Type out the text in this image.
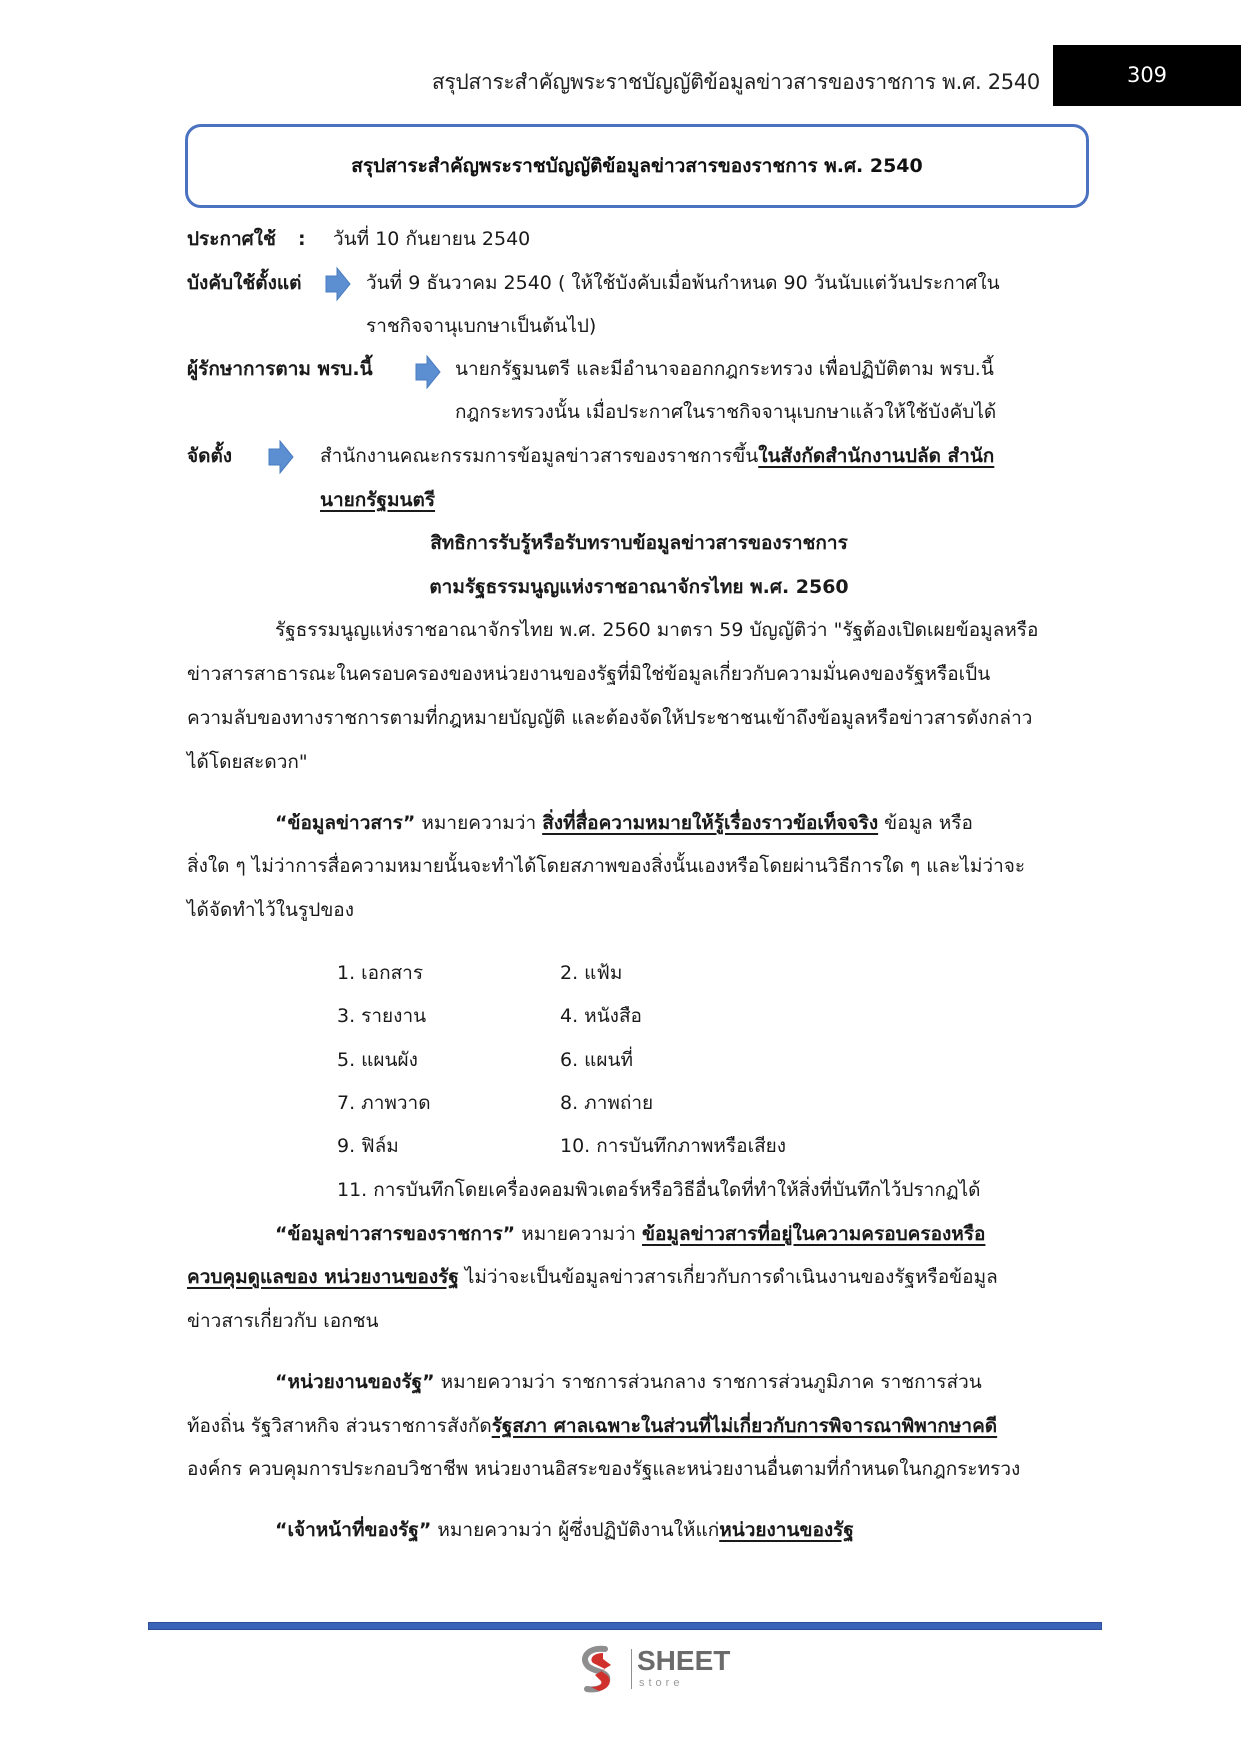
สรุปสาระสำคัญพระราชบัญญัติข้อมูลข่าวสารของราชการ พ.ศ. 2540	309
สรุปสาระสำคัญพระราชบัญญัติข้อมูลข่าวสารของราชการ พ.ศ. 2540
ประกาศใช้ : วันที่ 10 กันยายน 2540
บังคับใช้ตั้งแต่	วันที่ 9 ธันวาคม 2540 ( ให้ใช้บังคับเมื่อพ้นกำหนด 90 วันนับแต่วันประกาศใน
ราชกิจจานุเบกษาเป็นต้นไป)
ผู้รักษาการตาม พรบ.นี้	นายกรัฐมนตรี และมีอำนาจออกกฎกระทรวง เพื่อปฏิบัติตาม พรบ.นี้
กฎกระทรวงนั้น เมื่อประกาศในราชกิจจานุเบกษาแล้วให้ใช้บังคับได้
จัดตั้ง	สำนักงานคณะกรรมการข้อมูลข่าวสารของราชการขึ้นในสังกัดสำนักงานปลัด สำนัก
นายกรัฐมนตรี
สิทธิการรับรู้หรือรับทราบข้อมูลข่าวสารของราชการ
ตามรัฐธรรมนูญแห่งราชอาณาจักรไทย พ.ศ. 2560
รัฐธรรมนูญแห่งราชอาณาจักรไทย พ.ศ. 2560 มาตรา 59 บัญญัติว่า "รัฐต้องเปิดเผยข้อมูลหรือ
ข่าวสารสาธารณะในครอบครองของหน่วยงานของรัฐที่มิใช่ข้อมูลเกี่ยวกับความมั่นคงของรัฐหรือเป็น
ความลับของทางราชการตามที่กฎหมายบัญญัติ และต้องจัดให้ประชาชนเข้าถึงข้อมูลหรือข่าวสารดังกล่าว
ได้โดยสะดวก"
“ข้อมูลข่าวสาร” หมายความว่า สิ่งที่สื่อความหมายให้รู้เรื่องราวข้อเท็จจริง ข้อมูล หรือ
สิ่งใด ๆ ไม่ว่าการสื่อความหมายนั้นจะทำได้โดยสภาพของสิ่งนั้นเองหรือโดยผ่านวิธีการใด ๆ และไม่ว่าจะ
ได้จัดทำไว้ในรูปของ
1. เอกสาร	2. แฟ้ม
3. รายงาน	4. หนังสือ
5. แผนผัง	6. แผนที่
7. ภาพวาด	8. ภาพถ่าย
9. ฟิล์ม	10. การบันทึกภาพหรือเสียง
11. การบันทึกโดยเครื่องคอมพิวเตอร์หรือวิธีอื่นใดที่ทำให้สิ่งที่บันทึกไว้ปรากฏได้
“ข้อมูลข่าวสารของราชการ” หมายความว่า ข้อมูลข่าวสารที่อยู่ในความครอบครองหรือ
ควบคุมดูแลของ หน่วยงานของรัฐ ไม่ว่าจะเป็นข้อมูลข่าวสารเกี่ยวกับการดำเนินงานของรัฐหรือข้อมูล
ข่าวสารเกี่ยวกับ เอกชน
“หน่วยงานของรัฐ” หมายความว่า ราชการส่วนกลาง ราชการส่วนภูมิภาค ราชการส่วน
ท้องถิ่น รัฐวิสาหกิจ ส่วนราชการสังกัดรัฐสภา ศาลเฉพาะในส่วนที่ไม่เกี่ยวกับการพิจารณาพิพากษาคดี
องค์กร ควบคุมการประกอบวิชาชีพ หน่วยงานอิสระของรัฐและหน่วยงานอื่นตามที่กำหนดในกฎกระทรวง
“เจ้าหน้าที่ของรัฐ” หมายความว่า ผู้ซึ่งปฏิบัติงานให้แก่หน่วยงานของรัฐ
SHEET
store
